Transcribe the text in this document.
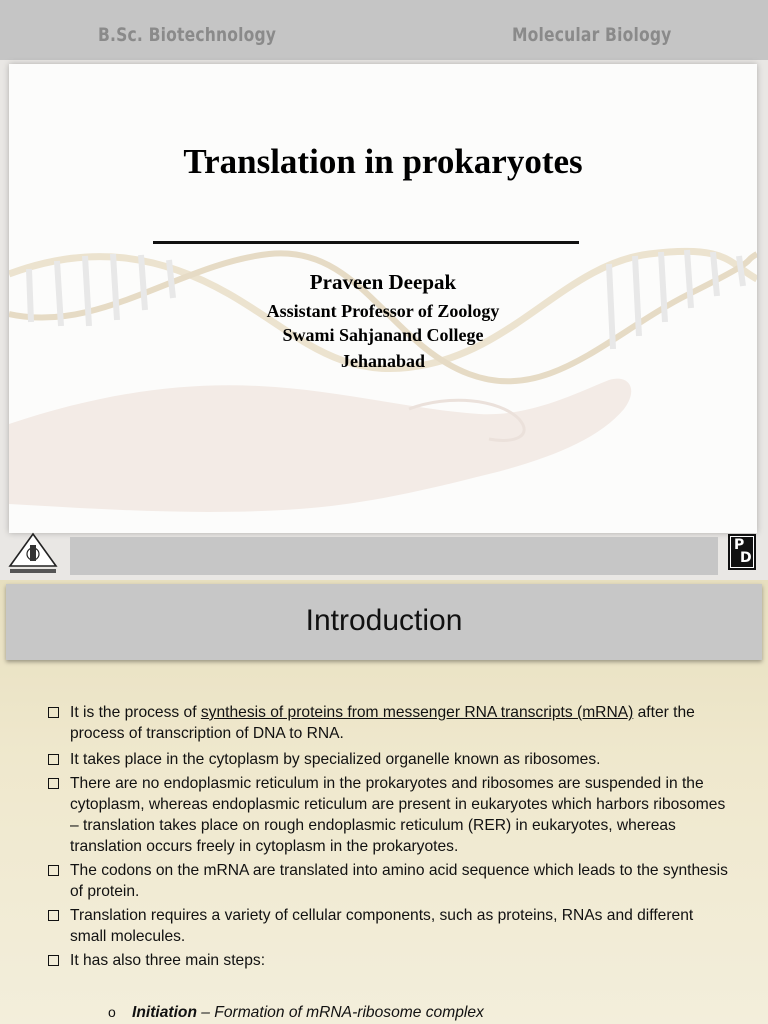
B.Sc. Biotechnology	Molecular Biology
Translation in prokaryotes
Praveen Deepak
Assistant Professor of Zoology
Swami Sahjanand College
Jehanabad
P
D
Introduction
It is the process of synthesis of proteins from messenger RNA transcripts (mRNA) after the process of transcription of DNA to RNA.
It takes place in the cytoplasm by specialized organelle known as ribosomes.
There are no endoplasmic reticulum in the prokaryotes and ribosomes are suspended in the cytoplasm, whereas endoplasmic reticulum are present in eukaryotes which harbors ribosomes – translation takes place on rough endoplasmic reticulum (RER) in eukaryotes, whereas translation occurs freely in cytoplasm in the prokaryotes.
The codons on the mRNA are translated into amino acid sequence which leads to the synthesis of protein.
Translation requires a variety of cellular components, such as proteins, RNAs and different small molecules.
It has also three main steps:
o Initiation – Formation of mRNA-ribosome complex
